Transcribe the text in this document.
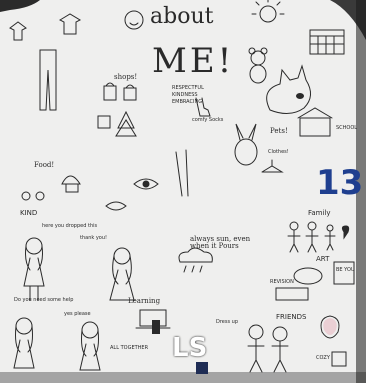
about
ME!
RESPECTFUL
KINDNESS
EMBRACING
shops!
comfy Socks
Pets!	SCHOOL
Food!
Clothes!
13
Family
KIND
here you dropped this
thank you!	always sun, even when it Pours
ART
BE YOU
REVISION
FRIENDS
Do you need some help
yes please
Learning
ALL TOGETHER
Dress up
COZY
LS
